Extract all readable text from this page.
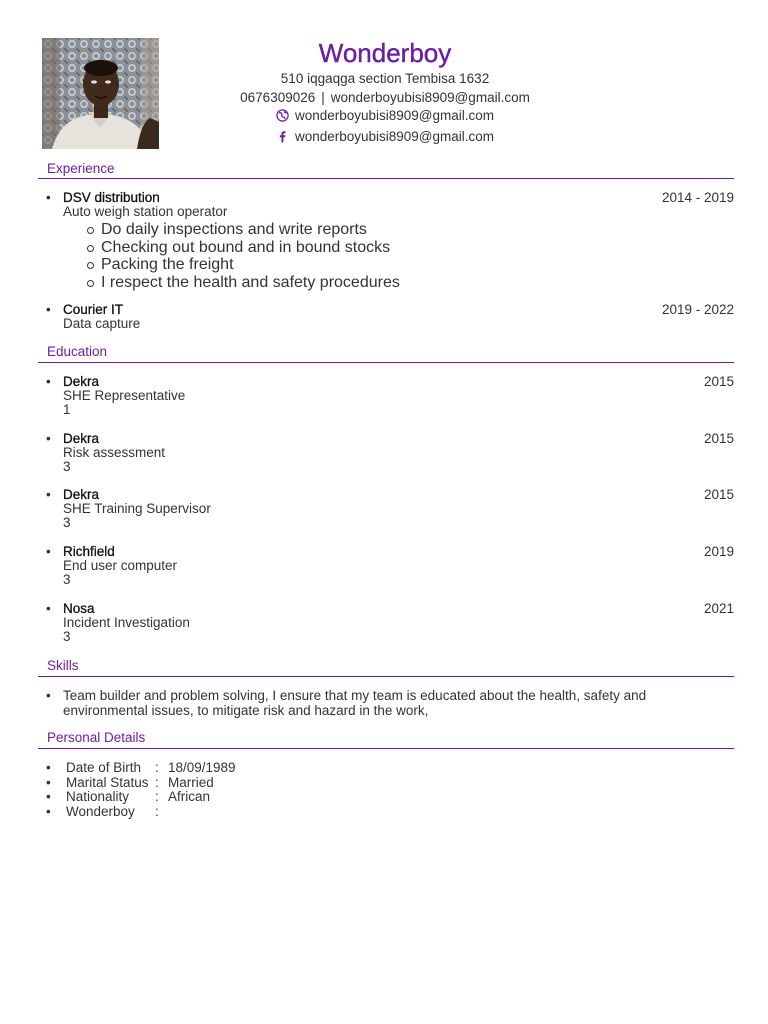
Wonderboy
510 iqgaqga section Tembisa 1632
0676309026 | wonderboyubisi8909@gmail.com
wonderboyubisi8909@gmail.com
wonderboyubisi8909@gmail.com
Experience
• DSV distribution	2014 - 2019
Auto weigh station operator
Do daily inspections and write reports
Checking out bound and in bound stocks
Packing the freight
I respect the health and safety procedures
• Courier IT	2019 - 2022
Data capture
Education
• Dekra	2015
SHE Representative
1
• Dekra	2015
Risk assessment
3
• Dekra	2015
SHE Training Supervisor
3
• Richfield	2019
End user computer
3
• Nosa	2021
Incident Investigation
3
Skills
• Team builder and problem solving, I ensure that my team is educated about the health, safety and environmental issues, to mitigate risk and hazard in the work,
Personal Details
• Date of Birth : 18/09/1989
• Marital Status : Married
• Nationality : African
• Wonderboy :
